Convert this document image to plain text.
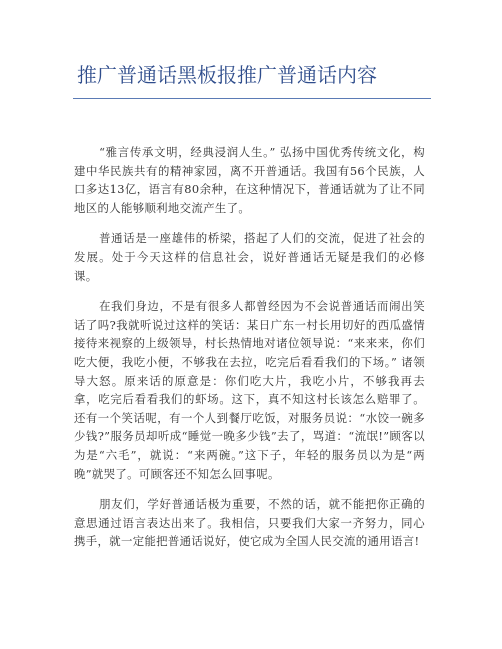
推广普通话黑板报推广普通话内容

“雅言传承文明，经典浸润人生。” 弘扬中国优秀传统文化，构建中华民族共有的精神家园，离不开普通话。我国有56个民族，人口多达13亿，语言有80余种，在这种情况下，普通话就为了让不同地区的人能够顺利地交流产生了。

普通话是一座雄伟的桥梁，搭起了人们的交流，促进了社会的发展。处于今天这样的信息社会，说好普通话无疑是我们的必修课。

在我们身边，不是有很多人都曾经因为不会说普通话而闹出笑话了吗?我就听说过这样的笑话：某日广东一村长用切好的西瓜盛情接待来视察的上级领导，村长热情地对诸位领导说：“来来来，你们吃大便，我吃小便，不够我在去拉，吃完后看看我们的下场。” 诸领导大怒。原来话的原意是：你们吃大片，我吃小片，不够我再去拿，吃完后看看我们的虾场。这下，真不知这村长该怎么赔罪了。还有一个笑话呢，有一个人到餐厅吃饭，对服务员说：“水饺一碗多少钱?”服务员却听成“睡觉一晚多少钱”去了，骂道：“流氓!”顾客以为是“六毛”，就说：“来两碗。”这下子，年轻的服务员以为是“两晚”就哭了。可顾客还不知怎么回事呢。

朋友们，学好普通话极为重要，不然的话，就不能把你正确的意思通过语言表达出来了。我相信，只要我们大家一齐努力，同心携手，就一定能把普通话说好，使它成为全国人民交流的通用语言!
